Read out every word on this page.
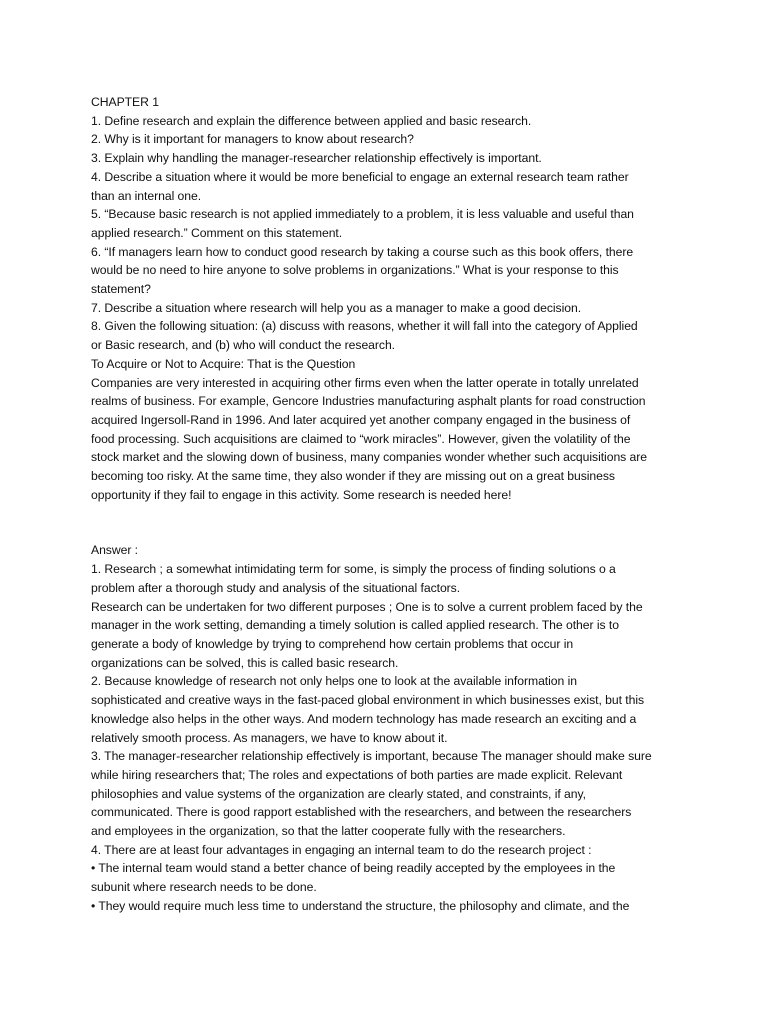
CHAPTER 1
1. Define research and explain the difference between applied and basic research.
2. Why is it important for managers to know about research?
3. Explain why handling the manager-researcher relationship effectively is important.
4. Describe a situation where it would be more beneficial to engage an external research team rather
than an internal one.
5. “Because basic research is not applied immediately to a problem, it is less valuable and useful than
applied research.” Comment on this statement.
6. “If managers learn how to conduct good research by taking a course such as this book offers, there
would be no need to hire anyone to solve problems in organizations.” What is your response to this
statement?
7. Describe a situation where research will help you as a manager to make a good decision.
8. Given the following situation: (a) discuss with reasons, whether it will fall into the category of Applied
or Basic research, and (b) who will conduct the research.
To Acquire or Not to Acquire: That is the Question
Companies are very interested in acquiring other firms even when the latter operate in totally unrelated
realms of business. For example, Gencore Industries manufacturing asphalt plants for road construction
acquired Ingersoll-Rand in 1996. And later acquired yet another company engaged in the business of
food processing. Such acquisitions are claimed to “work miracles”. However, given the volatility of the
stock market and the slowing down of business, many companies wonder whether such acquisitions are
becoming too risky. At the same time, they also wonder if they are missing out on a great business
opportunity if they fail to engage in this activity. Some research is needed here!
Answer :
1. Research ; a somewhat intimidating term for some, is simply the process of finding solutions o a
problem after a thorough study and analysis of the situational factors.
Research can be undertaken for two different purposes ; One is to solve a current problem faced by the
manager in the work setting, demanding a timely solution is called applied research. The other is to
generate a body of knowledge by trying to comprehend how certain problems that occur in
organizations can be solved, this is called basic research.
2. Because knowledge of research not only helps one to look at the available information in
sophisticated and creative ways in the fast-paced global environment in which businesses exist, but this
knowledge also helps in the other ways. And modern technology has made research an exciting and a
relatively smooth process. As managers, we have to know about it.
3. The manager-researcher relationship effectively is important, because The manager should make sure
while hiring researchers that; The roles and expectations of both parties are made explicit. Relevant
philosophies and value systems of the organization are clearly stated, and constraints, if any,
communicated. There is good rapport established with the researchers, and between the researchers
and employees in the organization, so that the latter cooperate fully with the researchers.
4. There are at least four advantages in engaging an internal team to do the research project :
• The internal team would stand a better chance of being readily accepted by the employees in the
subunit where research needs to be done.
• They would require much less time to understand the structure, the philosophy and climate, and the
